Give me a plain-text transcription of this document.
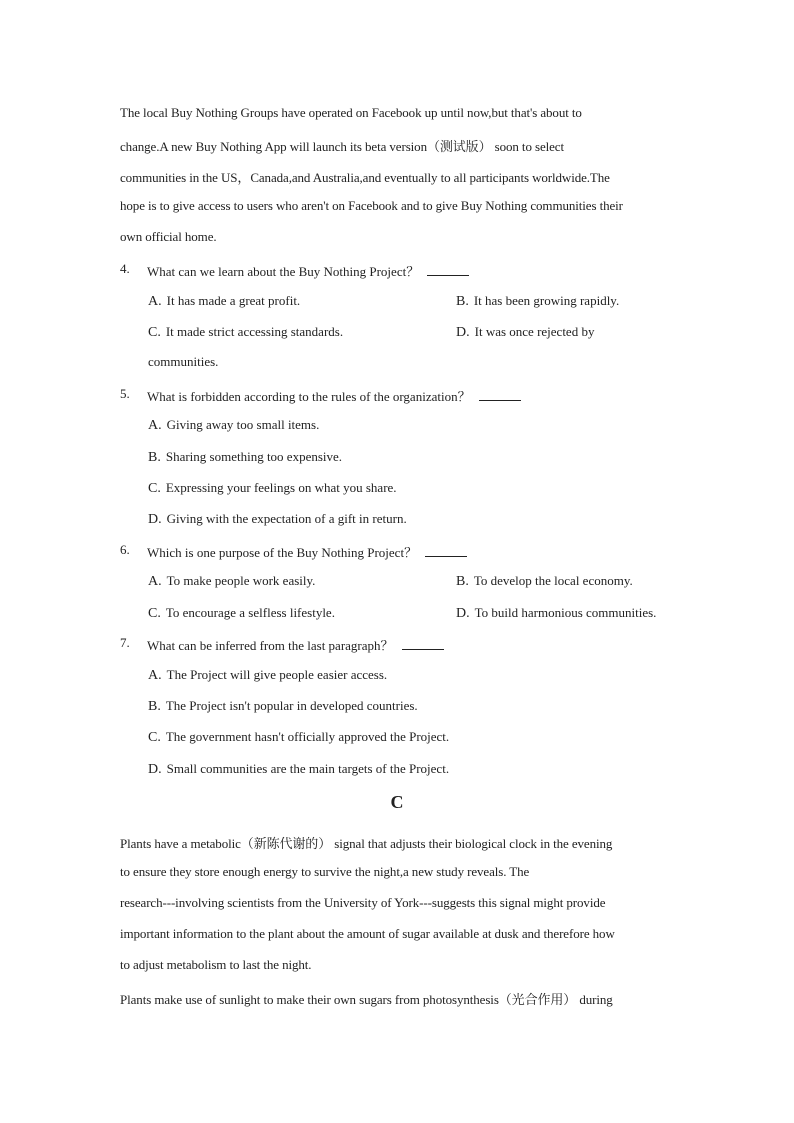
The local Buy Nothing Groups have operated on Facebook up until now,but that's about to
change.A new Buy Nothing App will launch its beta version（测试版） soon to select
communities in the US，Canada,and Australia,and eventually to all participants worldwide.The
hope is to give access to users who aren't on Facebook and to give Buy Nothing communities their
own official home.
4. What can we learn about the Buy Nothing Project？
A. It has made a great profit.	B. It has been growing rapidly.
C. It made strict accessing standards.	D. It was once rejected by
communities.
5. What is forbidden according to the rules of the organization？
A. Giving away too small items.
B. Sharing something too expensive.
C. Expressing your feelings on what you share.
D. Giving with the expectation of a gift in return.
6. Which is one purpose of the Buy Nothing Project？
A. To make people work easily.	B. To develop the local economy.
C. To encourage a selfless lifestyle.	D. To build harmonious communities.
7. What can be inferred from the last paragraph？
A. The Project will give people easier access.
B. The Project isn't popular in developed countries.
C. The government hasn't officially approved the Project.
D. Small communities are the main targets of the Project.
C
Plants have a metabolic（新陈代谢的） signal that adjusts their biological clock in the evening
to ensure they store enough energy to survive the night,a new study reveals. The
research---involving scientists from the University of York---suggests this signal might provide
important information to the plant about the amount of sugar available at dusk and therefore how
to adjust metabolism to last the night.
Plants make use of sunlight to make their own sugars from photosynthesis（光合作用） during
